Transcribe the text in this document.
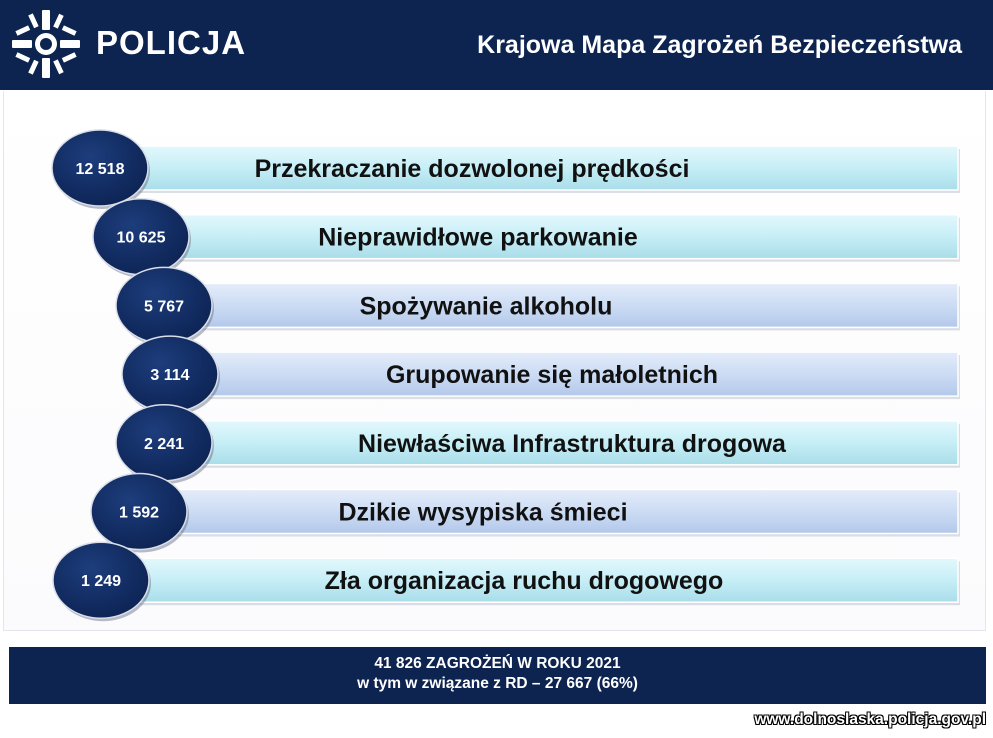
POLICJA	Krajowa Mapa Zagrożeń Bezpieczeństwa
Przekraczanie dozwolonej prędkości
12 518
Nieprawidłowe parkowanie
10 625
Spożywanie alkoholu
5 767
Grupowanie się małoletnich
3 114
Niewłaściwa Infrastruktura drogowa
2 241
Dzikie wysypiska śmieci
1 592
Zła organizacja ruchu drogowego
1 249
41 826 ZAGROŻEŃ W ROKU 2021
w tym w związane z RD – 27 667 (66%)
www.dolnoslaska.policja.gov.pl
